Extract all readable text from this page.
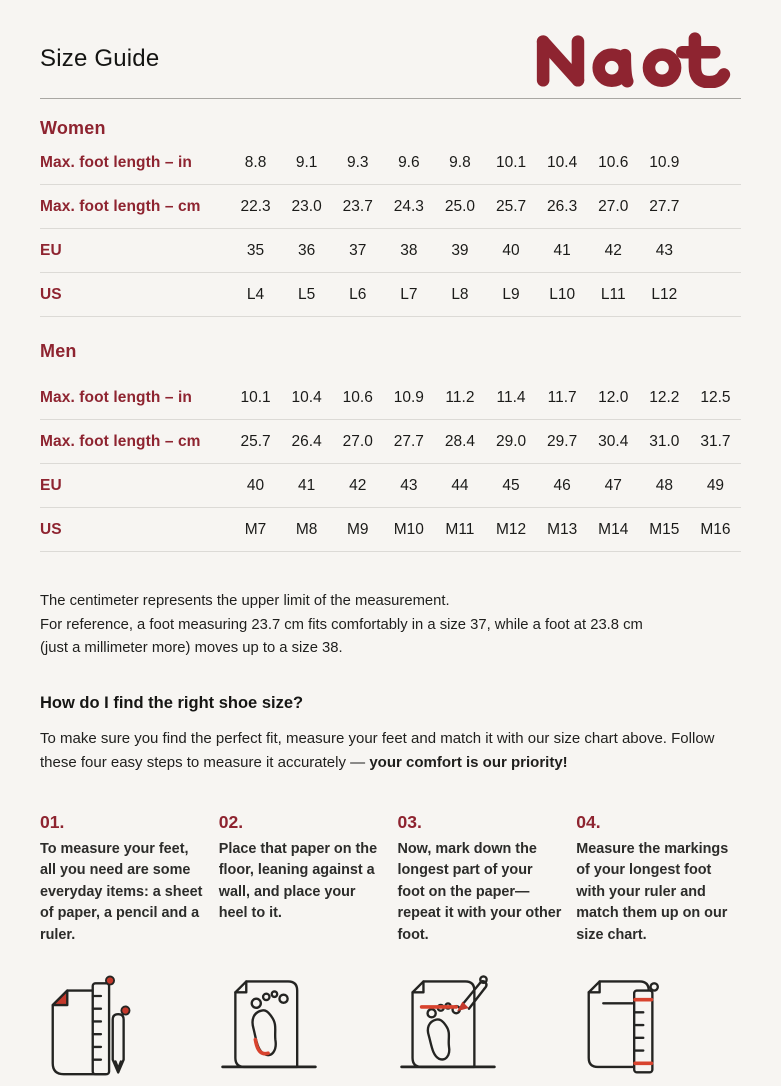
Size Guide
Women
Max. foot length – in	8.8	9.1	9.3	9.6	9.8	10.1	10.4	10.6	10.9
Max. foot length – cm	22.3	23.0	23.7	24.3	25.0	25.7	26.3	27.0	27.7
EU	35	36	37	38	39	40	41	42	43
US	L4	L5	L6	L7	L8	L9	L10	L11	L12
Men
Max. foot length – in	10.1	10.4	10.6	10.9	11.2	11.4	11.7	12.0	12.2	12.5
Max. foot length – cm	25.7	26.4	27.0	27.7	28.4	29.0	29.7	30.4	31.0	31.7
EU	40	41	42	43	44	45	46	47	48	49
US	M7	M8	M9	M10	M11	M12	M13	M14	M15	M16
The centimeter represents the upper limit of the measurement.
For reference, a foot measuring 23.7 cm fits comfortably in a size 37, while a foot at 23.8 cm
(just a millimeter more) moves up to a size 38.
How do I find the right shoe size?

To make sure you find the perfect fit, measure your feet and match it with our size chart above. Follow these four easy steps to measure it accurately — your comfort is our priority!

01.
To measure your feet, all you need are some everyday items: a sheet of paper, a pencil and a ruler.
02.
Place that paper on the floor, leaning against a wall, and place your heel to it.
03.
Now, mark down the longest part of your foot on the paper—repeat it with your other foot.
04.
Measure the markings of your longest foot with your ruler and match them up on our size chart.
